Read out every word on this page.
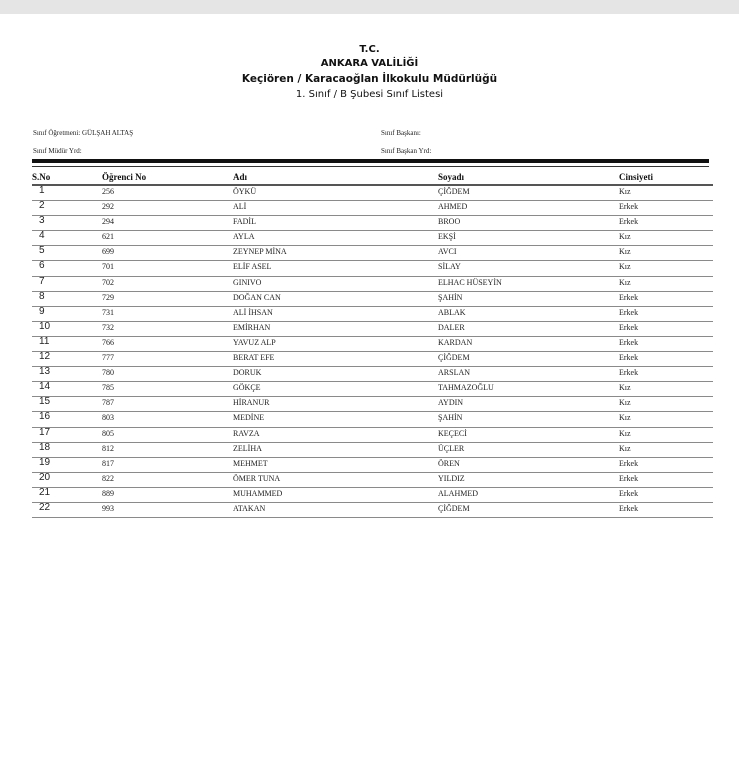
T.C.
ANKARA VALİLİĞİ
Keçiören / Karacaoğlan İlkokulu Müdürlüğü
1. Sınıf / B Şubesi Sınıf Listesi
Sınıf Öğretmeni: GÜLŞAH ALTAŞ
Sınıf Müdür Yrd:
Sınıf Başkanı:
Sınıf Başkan Yrd:
S.No	Öğrenci No	Adı	Soyadı	Cinsiyeti
1	256	ÖYKÜ	ÇİĞDEM	Kız
2	292	ALİ	AHMED	Erkek
3	294	FADİL	BROO	Erkek
4	621	AYLA	EKŞİ	Kız
5	699	ZEYNEP MİNA	AVCI	Kız
6	701	ELİF ASEL	SİLAY	Kız
7	702	GINIVO	ELHAC HÜSEYİN	Kız
8	729	DOĞAN CAN	ŞAHİN	Erkek
9	731	ALİ İHSAN	ABLAK	Erkek
10	732	EMİRHAN	DALER	Erkek
11	766	YAVUZ ALP	KARDAN	Erkek
12	777	BERAT EFE	ÇİĞDEM	Erkek
13	780	DORUK	ARSLAN	Erkek
14	785	GÖKÇE	TAHMAZOĞLU	Kız
15	787	HİRANUR	AYDIN	Kız
16	803	MEDİNE	ŞAHİN	Kız
17	805	RAVZA	KEÇECİ	Kız
18	812	ZELİHA	ÜÇLER	Kız
19	817	MEHMET	ÖREN	Erkek
20	822	ÖMER TUNA	YILDIZ	Erkek
21	889	MUHAMMED	ALAHMED	Erkek
22	993	ATAKAN	ÇİĞDEM	Erkek
